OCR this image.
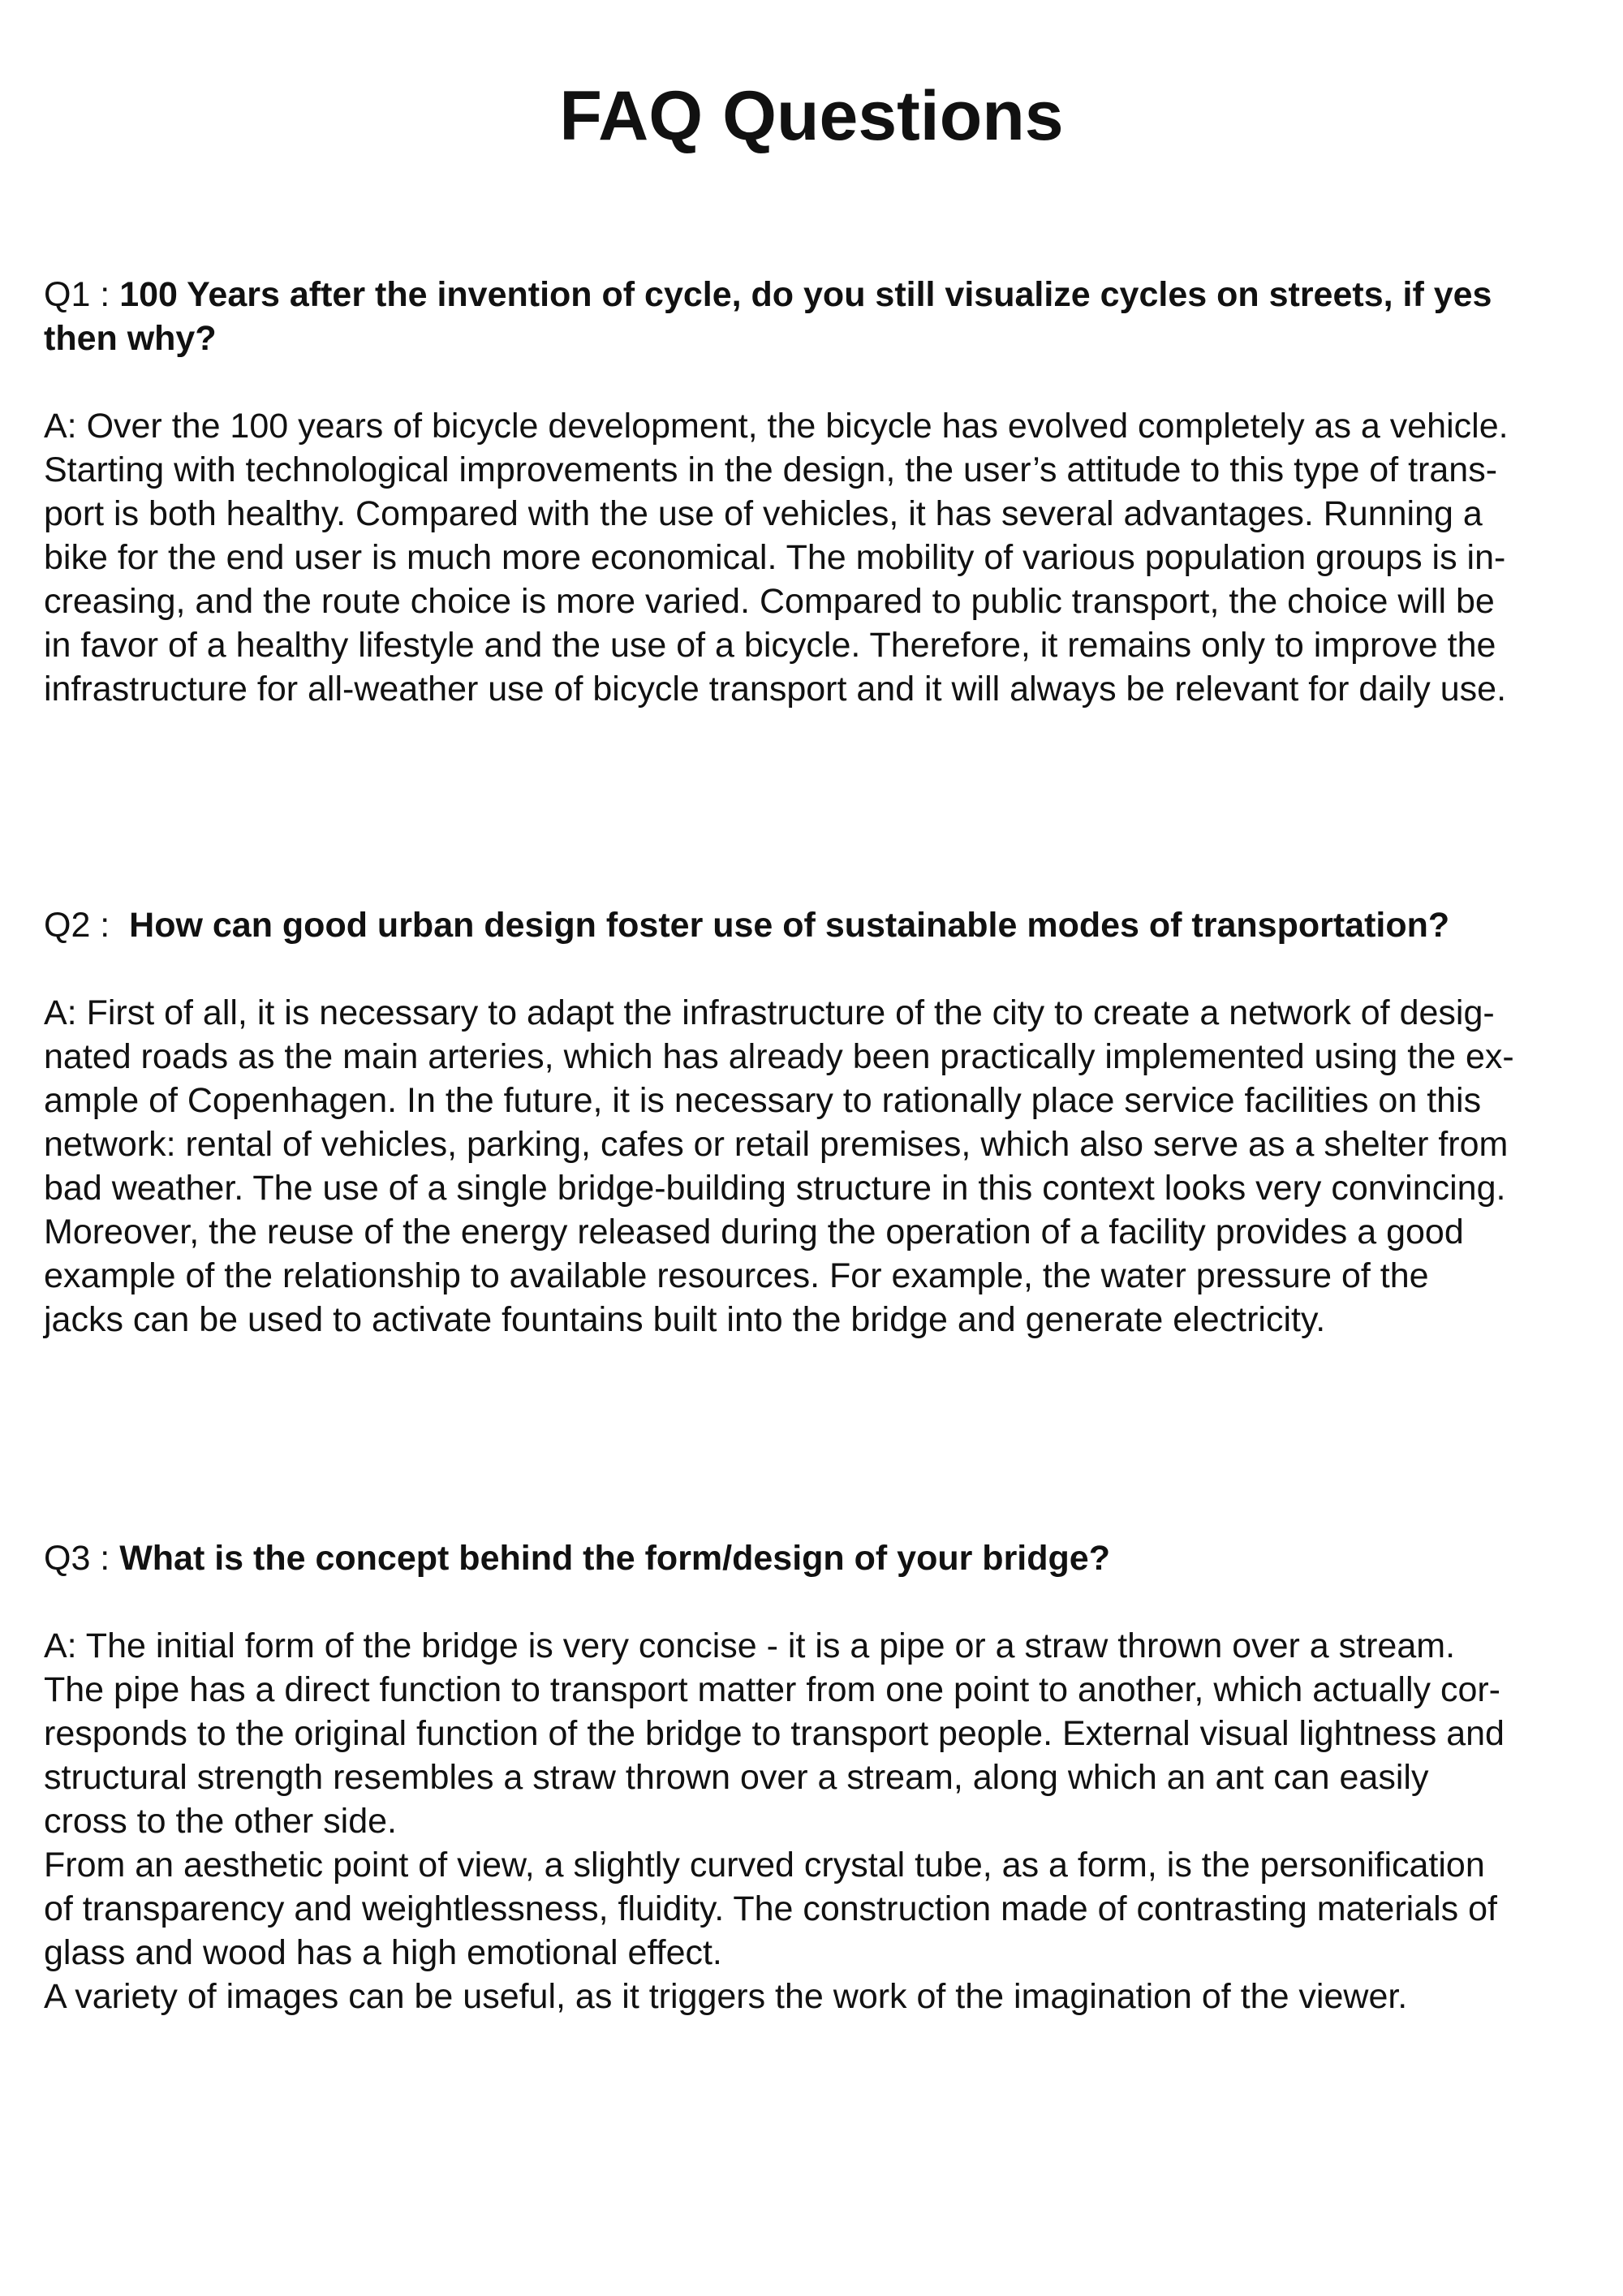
FAQ Questions

Q1 : 100 Years after the invention of cycle, do you still visualize cycles on streets, if yes
then why?

A: Over the 100 years of bicycle development, the bicycle has evolved completely as a vehicle.
Starting with technological improvements in the design, the user’s attitude to this type of trans-
port is both healthy. Compared with the use of vehicles, it has several advantages. Running a
bike for the end user is much more economical. The mobility of various population groups is in-
creasing, and the route choice is more varied. Compared to public transport, the choice will be
in favor of a healthy lifestyle and the use of a bicycle. Therefore, it remains only to improve the
infrastructure for all-weather use of bicycle transport and it will always be relevant for daily use.

Q2 :  How can good urban design foster use of sustainable modes of transportation?

A: First of all, it is necessary to adapt the infrastructure of the city to create a network of desig-
nated roads as the main arteries, which has already been practically implemented using the ex-
ample of Copenhagen. In the future, it is necessary to rationally place service facilities on this
network: rental of vehicles, parking, cafes or retail premises, which also serve as a shelter from
bad weather. The use of a single bridge-building structure in this context looks very convincing.
Moreover, the reuse of the energy released during the operation of a facility provides a good
example of the relationship to available resources. For example, the water pressure of the
jacks can be used to activate fountains built into the bridge and generate electricity.

Q3 : What is the concept behind the form/design of your bridge?

A: The initial form of the bridge is very concise - it is a pipe or a straw thrown over a stream.
The pipe has a direct function to transport matter from one point to another, which actually cor-
responds to the original function of the bridge to transport people. External visual lightness and
structural strength resembles a straw thrown over a stream, along which an ant can easily
cross to the other side.
From an aesthetic point of view, a slightly curved crystal tube, as a form, is the personification
of transparency and weightlessness, fluidity. The construction made of contrasting materials of
glass and wood has a high emotional effect.
A variety of images can be useful, as it triggers the work of the imagination of the viewer.
